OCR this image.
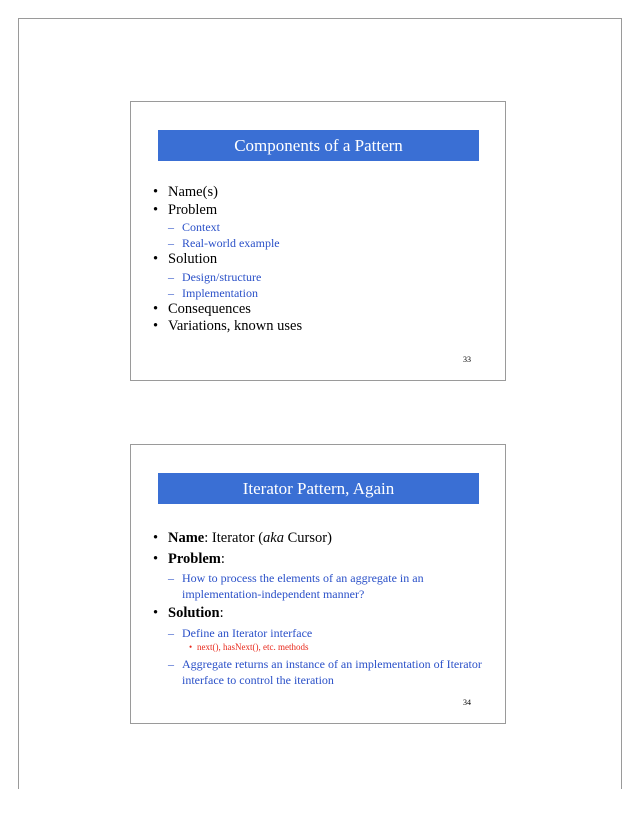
Components of a Pattern
• Name(s)
• Problem
– Context
– Real-world example
• Solution
– Design/structure
– Implementation
• Consequences
• Variations, known uses
33
Iterator Pattern, Again
• Name: Iterator (aka Cursor)
• Problem:
– How to process the elements of an aggregate in an implementation-independent manner?
• Solution:
– Define an Iterator interface
• next(), hasNext(), etc. methods
– Aggregate returns an instance of an implementation of Iterator interface to control the iteration
34
